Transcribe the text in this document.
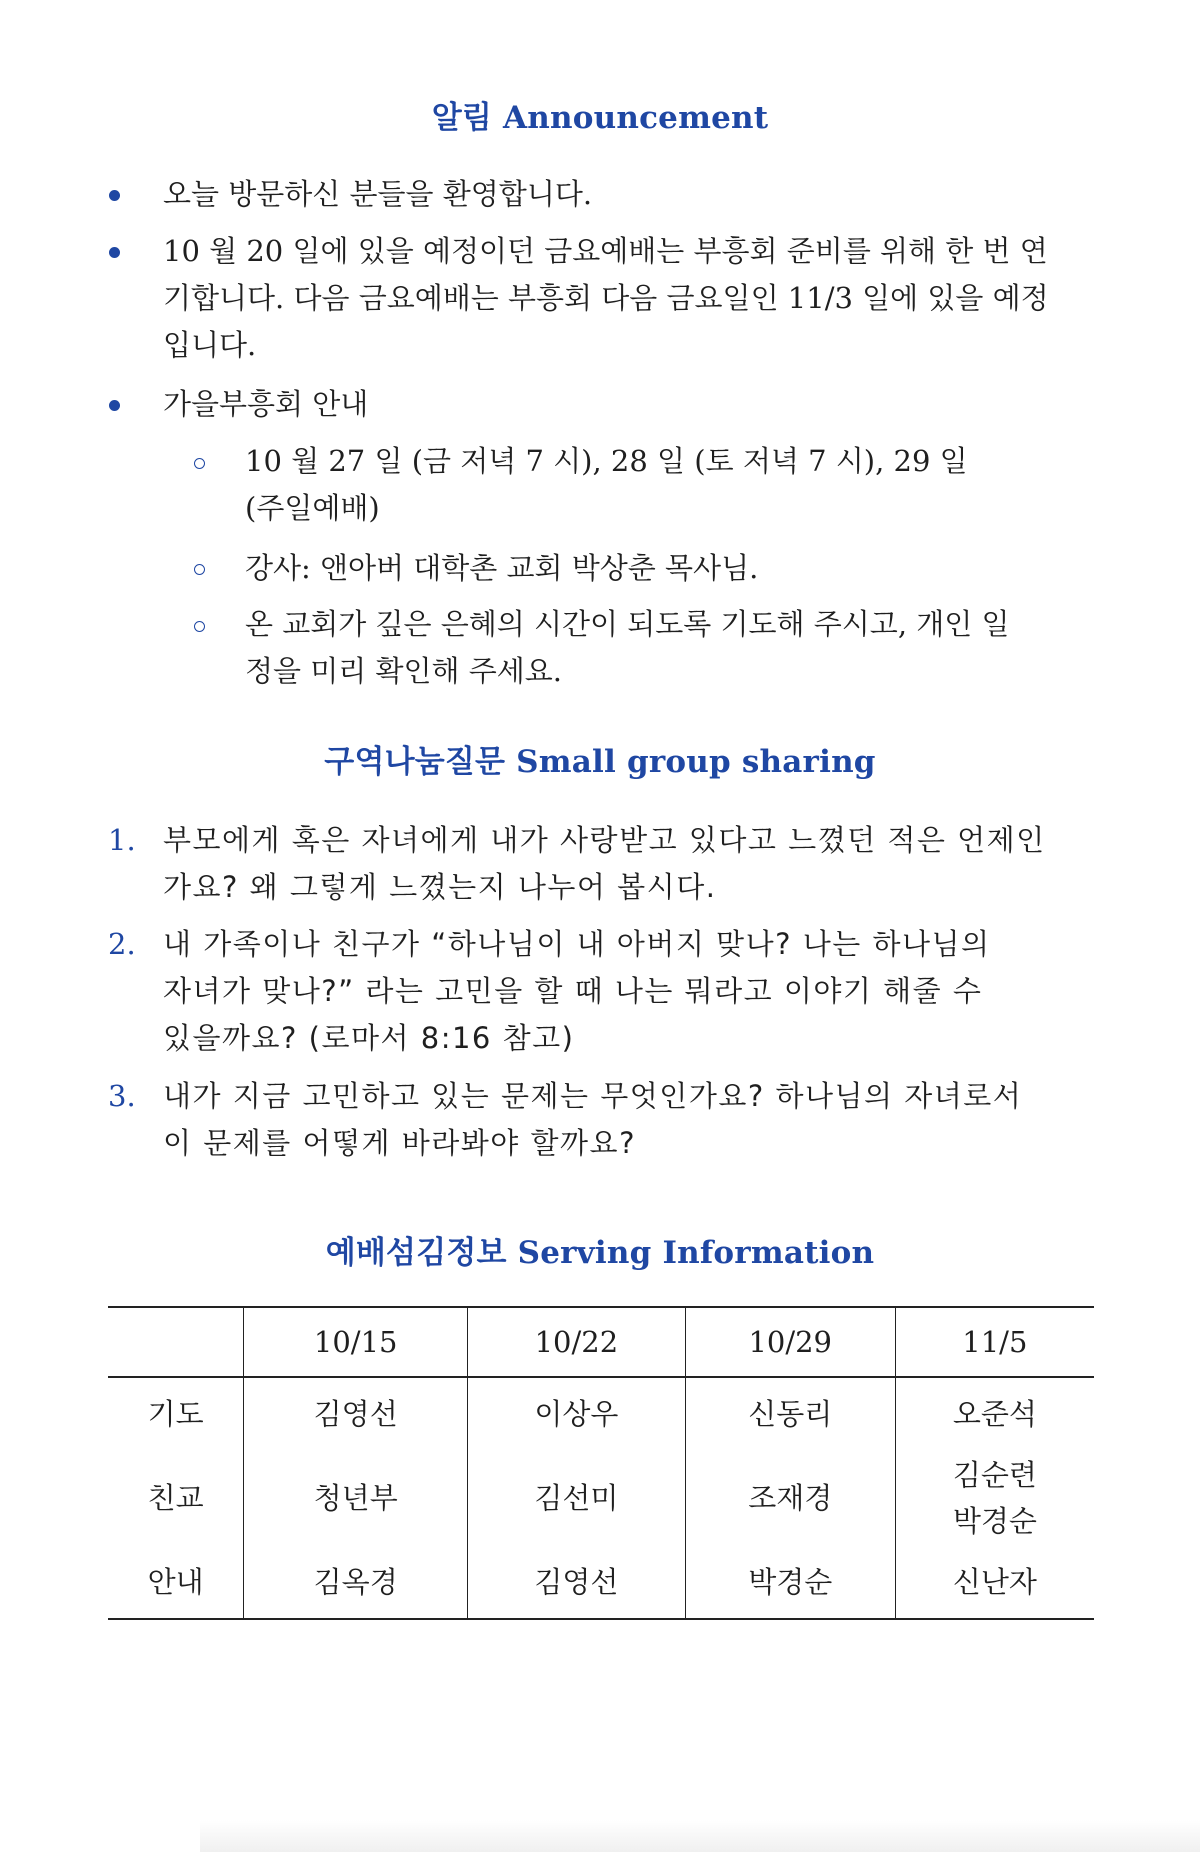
알림 Announcement
오늘 방문하신 분들을 환영합니다.
10 월 20 일에 있을 예정이던 금요예배는 부흥회 준비를 위해 한 번 연기합니다. 다음 금요예배는 부흥회 다음 금요일인 11/3 일에 있을 예정입니다.
가을부흥회 안내
10 월 27 일 (금 저녁 7 시), 28 일 (토 저녁 7 시), 29 일 (주일예배)
강사: 앤아버 대학촌 교회 박상춘 목사님.
온 교회가 깊은 은혜의 시간이 되도록 기도해 주시고, 개인 일정을 미리 확인해 주세요.
구역나눔질문 Small group sharing
1. 부모에게 혹은 자녀에게 내가 사랑받고 있다고 느꼈던 적은 언제인가요? 왜 그렇게 느꼈는지 나누어 봅시다.
2. 내 가족이나 친구가 “하나님이 내 아버지 맞나? 나는 하나님의 자녀가 맞나?” 라는 고민을 할 때 나는 뭐라고 이야기 해줄 수 있을까요? (로마서 8:16 참고)
3. 내가 지금 고민하고 있는 문제는 무엇인가요? 하나님의 자녀로서 이 문제를 어떻게 바라봐야 할까요?
예배섬김정보 Serving Information
	10/15	10/22	10/29	11/5
기도	김영선	이상우	신동리	오준석
친교	청년부	김선미	조재경	김순련 박경순
안내	김옥경	김영선	박경순	신난자
